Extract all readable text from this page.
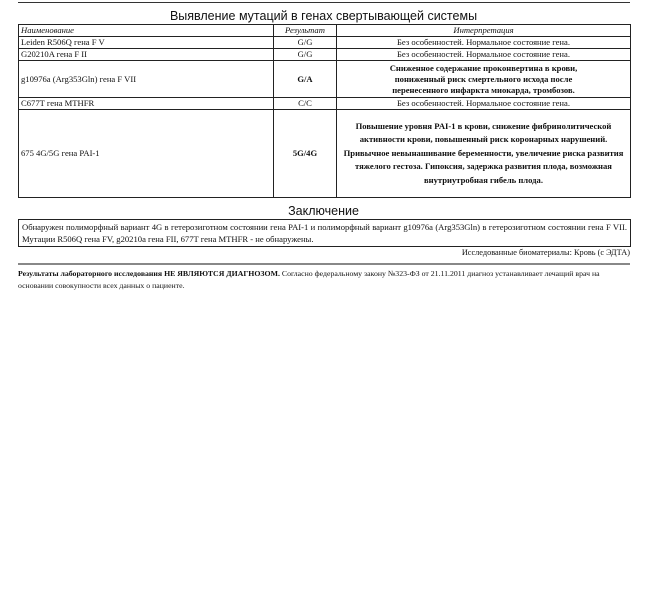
Выявление мутаций в генах свертывающей системы
Наименование	Результат	Интерпретация
Leiden R506Q гена F V	G/G	Без особенностей. Нормальное состояние гена.
G20210A гена F II	G/G	Без особенностей. Нормальное состояние гена.
g10976a (Arg353Gln) гена F VII	G/A	Сниженное содержание проконвертина в крови, пониженный риск смертельного исхода после перенесенного инфаркта миокарда, тромбозов.
C677T гена MTHFR	C/C	Без особенностей. Нормальное состояние гена.
675 4G/5G гена PAI-1	5G/4G	Повышение уровня PAI-1 в крови, снижение фибринолитической активности крови, повышенный риск коронарных нарушений. Привычное невынашивание беременности, увеличение риска развития тяжелого гестоза. Гипоксия, задержка развития плода, возможная внутриутробная гибель плода.
Заключение
Обнаружен полиморфный вариант 4G в гетерозиготном состоянии гена PAI-1 и полиморфный вариант g10976a (Arg353Gln) в гетерозиготном состоянии гена F VII. Мутации R506Q гена FV, g20210a гена FII, 677T гена MTHFR - не обнаружены.
Исследованные биоматериалы: Кровь (с ЭДТА)
Результаты лабораторного исследования НЕ ЯВЛЯЮТСЯ ДИАГНОЗОМ. Согласно федеральному закону №323-ФЗ от 21.11.2011 диагноз устанавливает лечащий врач на основании совокупности всех данных о пациенте.
